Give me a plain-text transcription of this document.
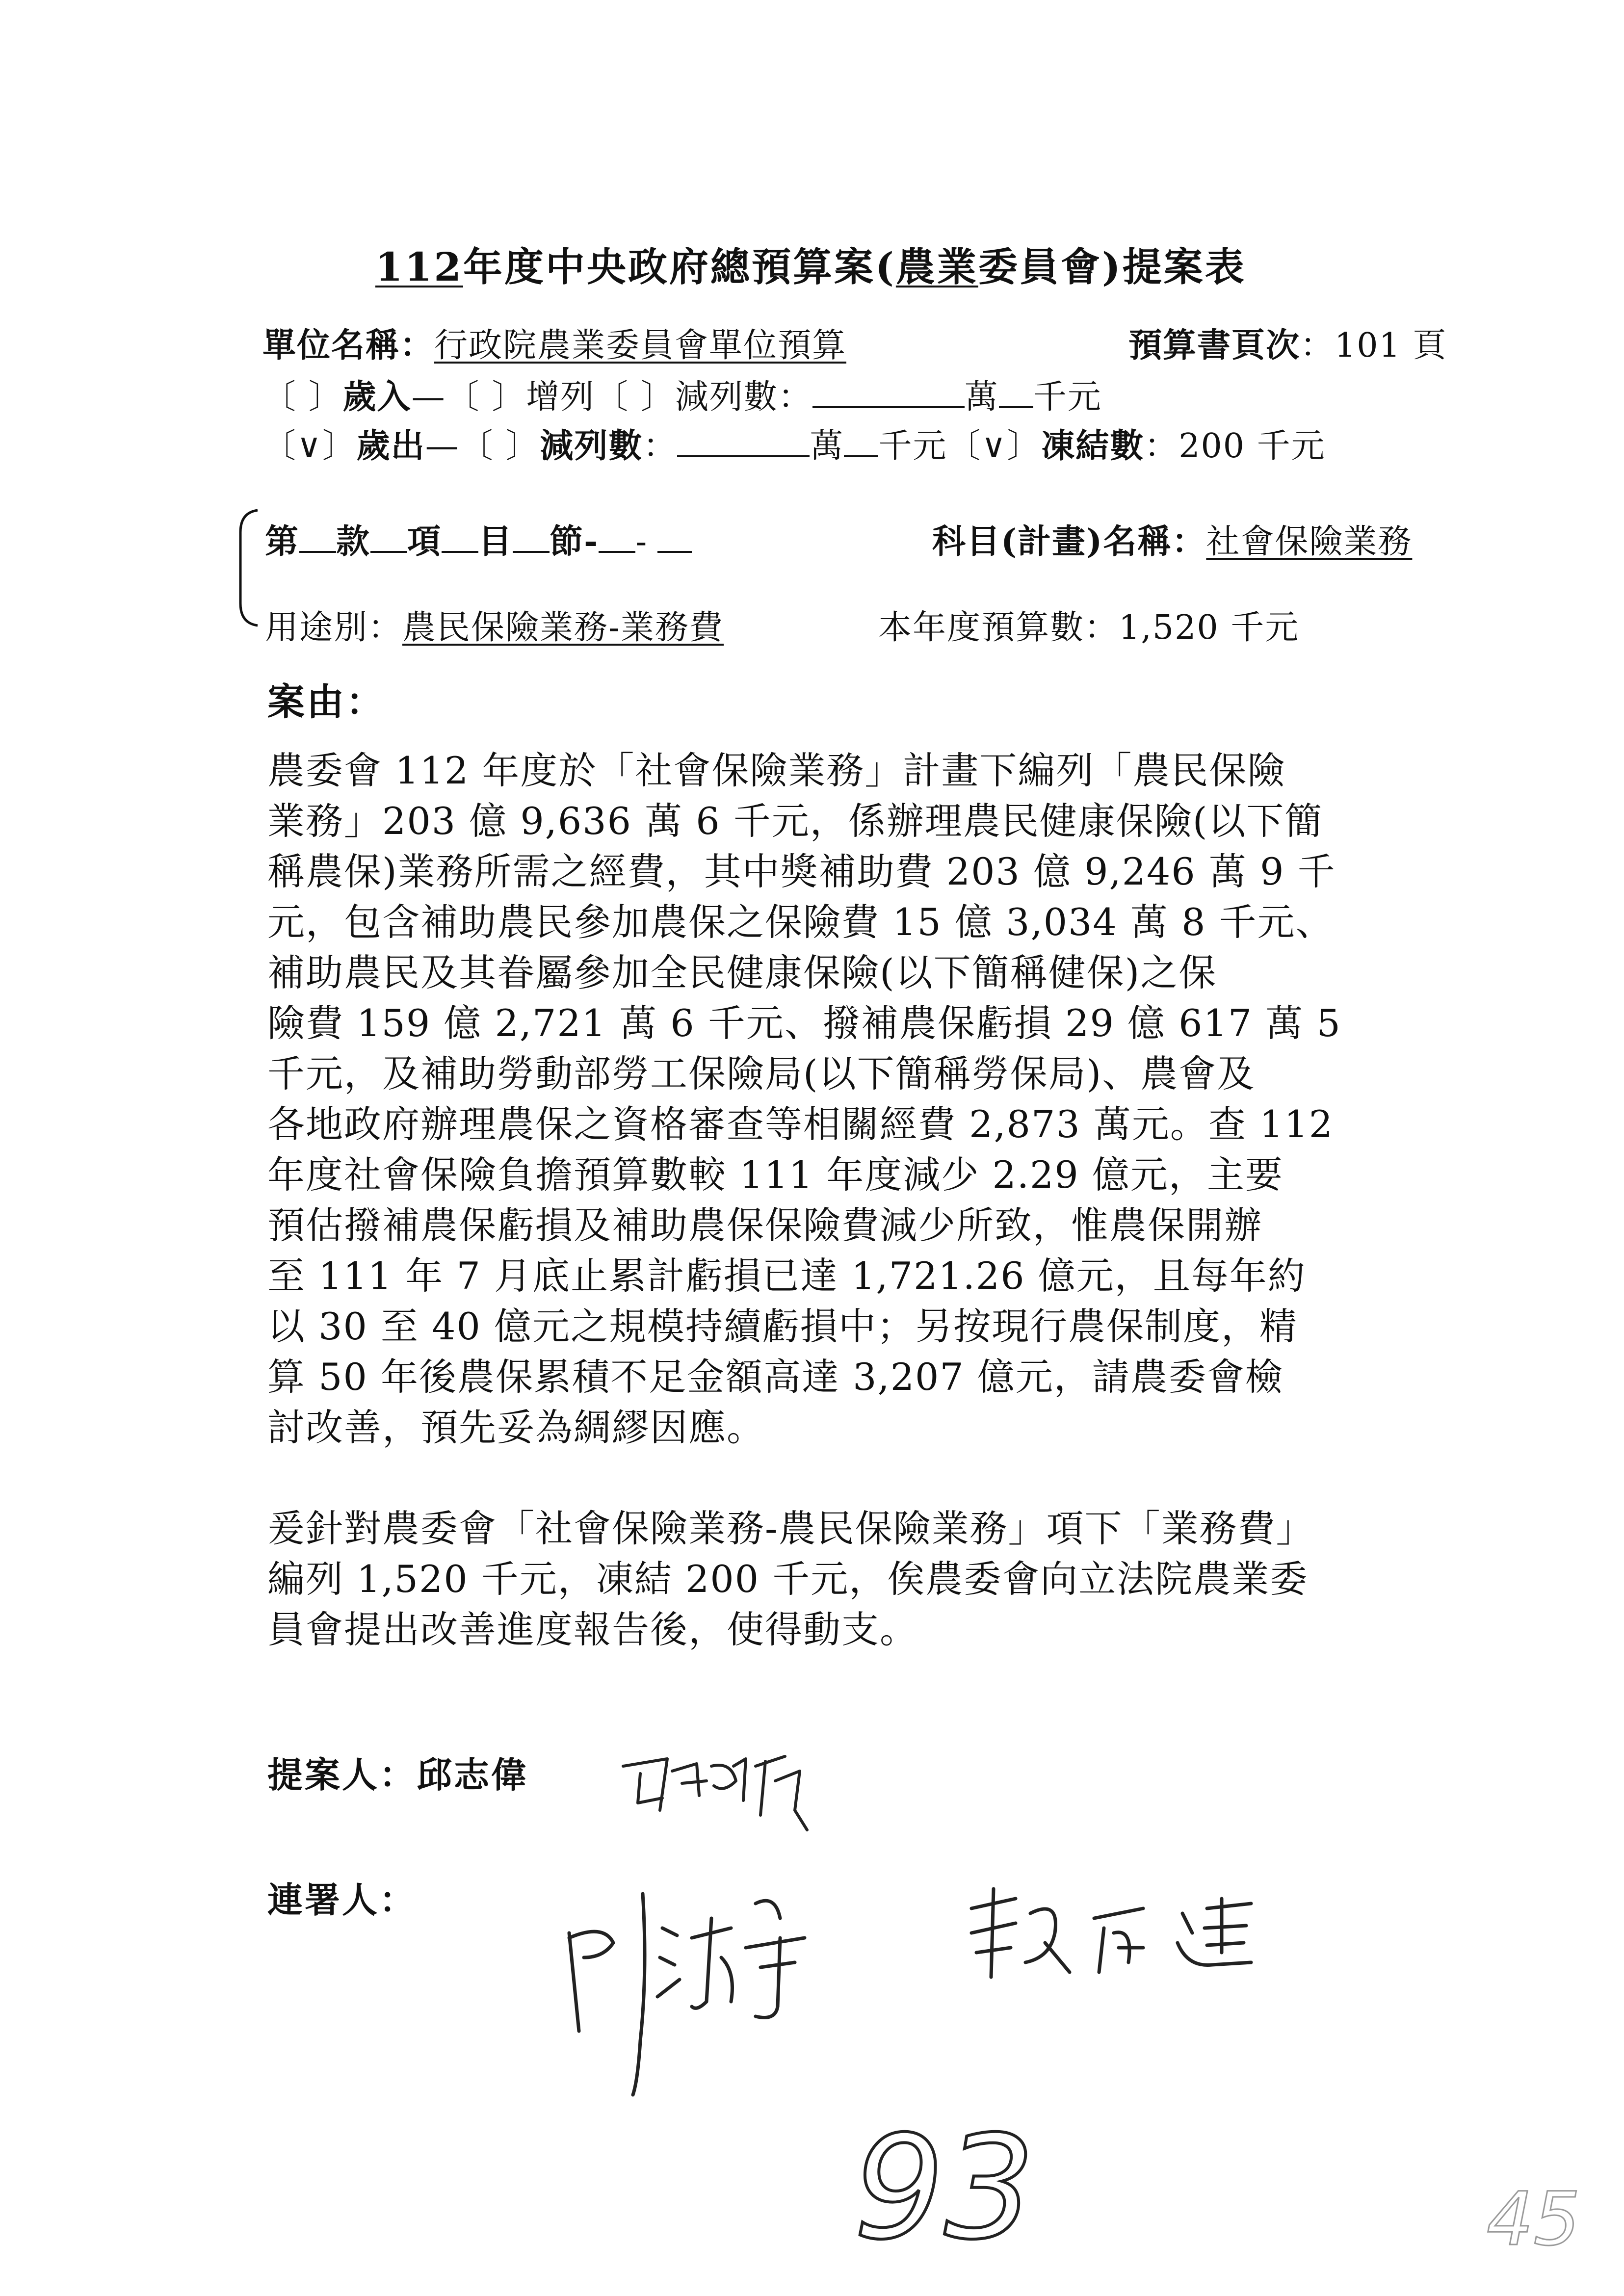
112年度中央政府總預算案(農業委員會)提案表
單位名稱：行政院農業委員會單位預算	預算書頁次：101 頁
〔 〕歲入—〔 〕增列〔 〕減列數：	萬 千元
〔∨〕歲出—〔 〕減列數：	萬 千元〔∨〕凍結數：200 千元
第 款 項 目 節- -	科目(計畫)名稱：社會保險業務
用途別：農民保險業務-業務費	本年度預算數：1,520 千元
案由：
農委會 112 年度於「社會保險業務」計畫下編列「農民保險
業務」203 億 9,636 萬 6 千元，係辦理農民健康保險(以下簡
稱農保)業務所需之經費，其中獎補助費 203 億 9,246 萬 9 千
元，包含補助農民參加農保之保險費 15 億 3,034 萬 8 千元、
補助農民及其眷屬參加全民健康保險(以下簡稱健保)之保
險費 159 億 2,721 萬 6 千元、撥補農保虧損 29 億 617 萬 5
千元，及補助勞動部勞工保險局(以下簡稱勞保局)、農會及
各地政府辦理農保之資格審查等相關經費 2,873 萬元。查 112
年度社會保險負擔預算數較 111 年度減少 2.29 億元，主要
預估撥補農保虧損及補助農保保險費減少所致，惟農保開辦
至 111 年 7 月底止累計虧損已達 1,721.26 億元，且每年約
以 30 至 40 億元之規模持續虧損中；另按現行農保制度，精
算 50 年後農保累積不足金額高達 3,207 億元，請農委會檢
討改善，預先妥為綢繆因應。
爰針對農委會「社會保險業務-農民保險業務」項下「業務費」
編列 1,520 千元，凍結 200 千元，俟農委會向立法院農業委
員會提出改善進度報告後，使得動支。
提案人：邱志偉
連署人：
93	45
